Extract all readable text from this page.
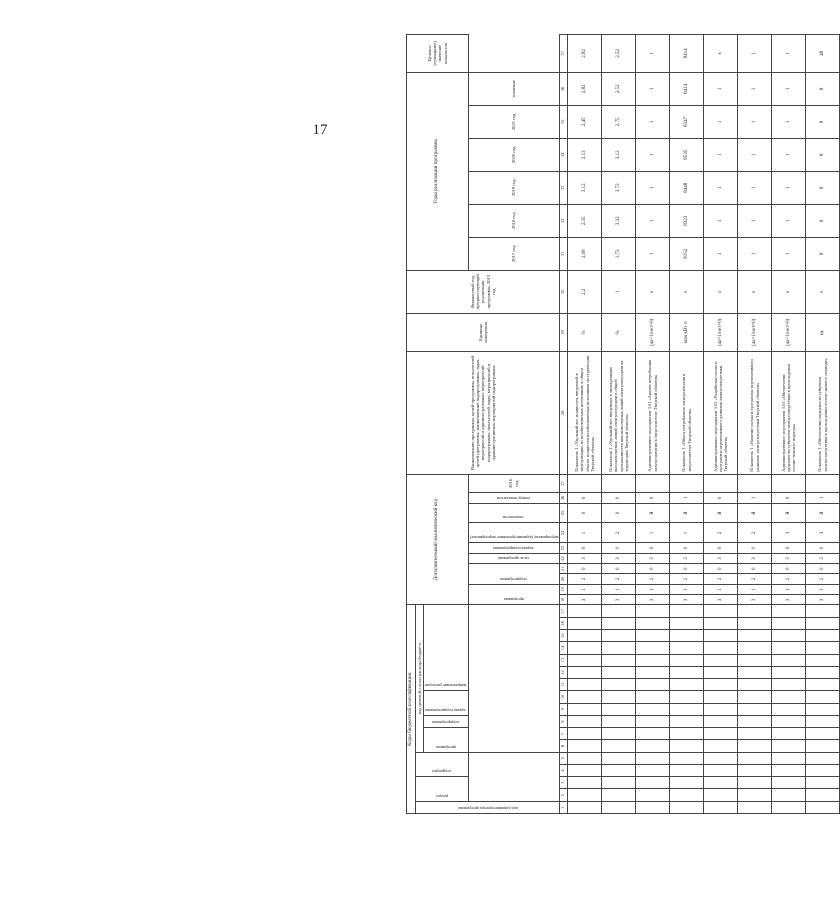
17
Коды бюджетной классификации																	Дополнительный аналитический код										Наименование программы, целей программы, показателей целей программы, наименование подпрограммы, задач, мероприятий и административных мероприятий подпрограммы, показателей задач, мероприятий и административных мероприятий подпрограммы	Единица измерения	Финансовый год, предшествующий реализации программы, 2015 год	Годы реализации программы						Целевое (суммарное) значение показателя

код администратора программы	раздел		подраздел		код целевой статьи расхода бюджета																															

					программа		подпрограмма	задача подпрограммы		направление расходов																										

																	программа		подпрограмма		цель программы	задача подпрограммы	мероприятие (административное мероприятие)	показатели	номер показателя	2016 год				2017 год	2018 год	2019 год	2020 год	2021 год	значение	
1	2	3	4	5	6	7	8	9	10	11	12	13	14	15	16	17	18	19	20	21	22	23	24	25	26	27	28	29	30	31	32	33	34	35	36	37
																	3	1	2	0	3	0	1	0	0		Показатель 1 «Удельный вес мощности, введенной в эксплуатацию из возобновляемых источников, в общем объеме мощности возобновляемых источников на территории Тверской области»	%	2,2	2,08	2,35	3,12	2,13	2,45	2,82	2,82
																	3	1	2	0	3	0	2	0	0		Показатель 2 «Удельный вес введенных в эксплуатацию высоковольтных линий электропередачи в общей протяженности высоковольтных линий электропередачи на территории Тверской области»	%	1	1,72	3,32	3,72	3,12	2,75	2,52	2,52
																	3	1	2	0	3	0	1	Я	0		Административное мероприятие 3.01 «Анализ потребления электроэнергии в энергосистеме Тверской области»	(да=1/нет=0)	х	1	1	1	1	1	1	1
																	3	1	2	0	3	0	1	Я	1		Показатель 1 «Объем потребления электроэнергии в энергосистеме Тверской области»	млн кВт·ч	х	8152	8323	8448	8535	8347	8414	8414
																	3	1	2	0	3	0	2	Я	0		Административное мероприятие 3.02 «Разработка схемы и программы перспективного развития электроэнергетики Тверской области»	(да=1/нет=0)	х	1	1	1	1	1	1	х
																	3	1	2	0	3	0	2	Я	1		Показатель 1 «Наличие схемы и программы перспективного развития электроэнергетики Тверской области»	(да=1/нет=0)	х	1	1	1	1	1	1	1
																	3	1	2	0	3	0	3	Я	0		Административное мероприятие 3.03 «Обеспечение надежности субъектов электроэнергетики в прохождении осенне-зимнего периода»	(да=1/нет=0)	х	1	1	1	1	1	1	1
																	3	1	2	0	3	0	3	Я	1		Показатель 1 «Обеспечение надежности субъектов электроэнергетики в прохождении осенне-зимнего периода»	ед.	х	8	8	8	8	8	8	48
